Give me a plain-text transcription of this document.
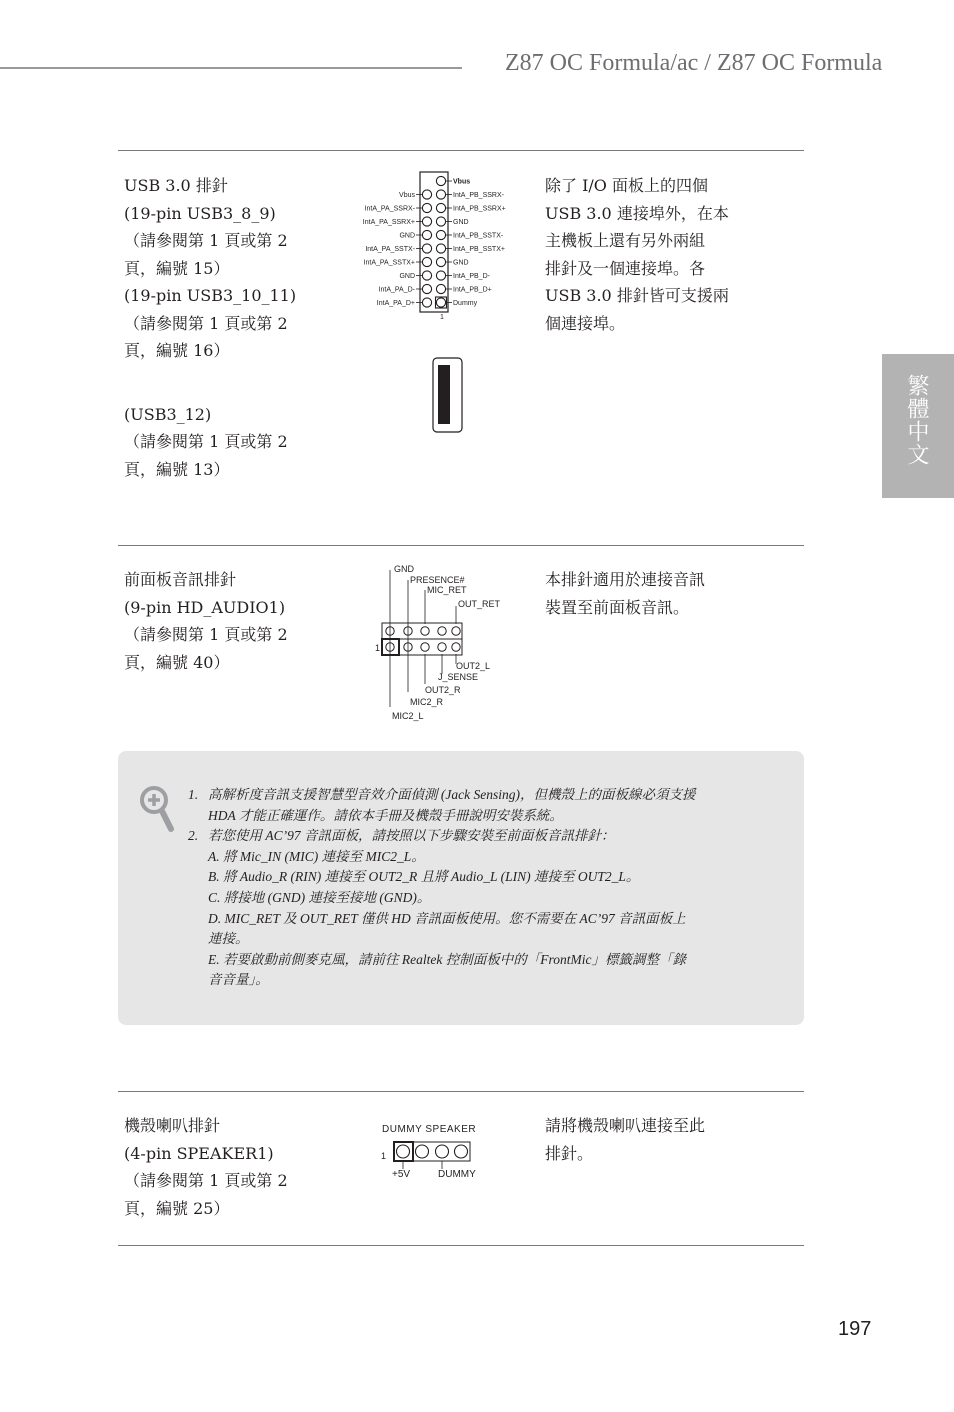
Z87 OC Formula/ac / Z87 OC Formula
繁體中文
USB 3.0 排針
(19-pin USB3_8_9)
（請參閱第 1 頁或第 2
頁，編號 15）
(19-pin USB3_10_11)
（請參閱第 1 頁或第 2
頁，編號 16）
(USB3_12)
（請參閱第 1 頁或第 2
頁，編號 13）
除了 I/O 面板上的四個
USB 3.0 連接埠外，在本
主機板上還有另外兩組
排針及一個連接埠。各
USB 3.0 排針皆可支援兩
個連接埠。
Vbus
IntA_PB_SSRX-
Vbus
IntA_PB_SSRX+
IntA_PA_SSRX-
GND
IntA_PA_SSRX+
IntA_PB_SSTX-
GND
IntA_PB_SSTX+
IntA_PA_SSTX-
GND
IntA_PA_SSTX+
IntA_PB_D-
GND
IntA_PB_D+
IntA_PA_D-
Dummy
IntA_PA_D+
1
前面板音訊排針
(9-pin HD_AUDIO1)
（請參閱第 1 頁或第 2
頁，編號 40）
本排針適用於連接音訊
裝置至前面板音訊。
GND
PRESENCE#
MIC_RET
OUT_RET
OUT2_L
J_SENSE
OUT2_R
MIC2_R
MIC2_L
1
1. 高解析度音訊支援智慧型音效介面偵測 (Jack Sensing)，但機殼上的面板線必須支援
HDA 才能正確運作。請依本手冊及機殼手冊說明安裝系統。
2. 若您使用 AC’97 音訊面板，請按照以下步驟安裝至前面板音訊排針：
A. 將 Mic_IN (MIC) 連接至 MIC2_L。
B. 將 Audio_R (RIN) 連接至 OUT2_R 且將 Audio_L (LIN) 連接至 OUT2_L。
C. 將接地 (GND) 連接至接地 (GND)。
D. MIC_RET 及 OUT_RET 僅供 HD 音訊面板使用。您不需要在 AC’97 音訊面板上
連接。
E. 若要啟動前側麥克風，請前往 Realtek 控制面板中的「FrontMic」標籤調整「錄
音音量」。
機殼喇叭排針
(4-pin SPEAKER1)
（請參閱第 1 頁或第 2
頁，編號 25）
請將機殼喇叭連接至此
排針。
DUMMY SPEAKER
1
+5V	DUMMY
197
